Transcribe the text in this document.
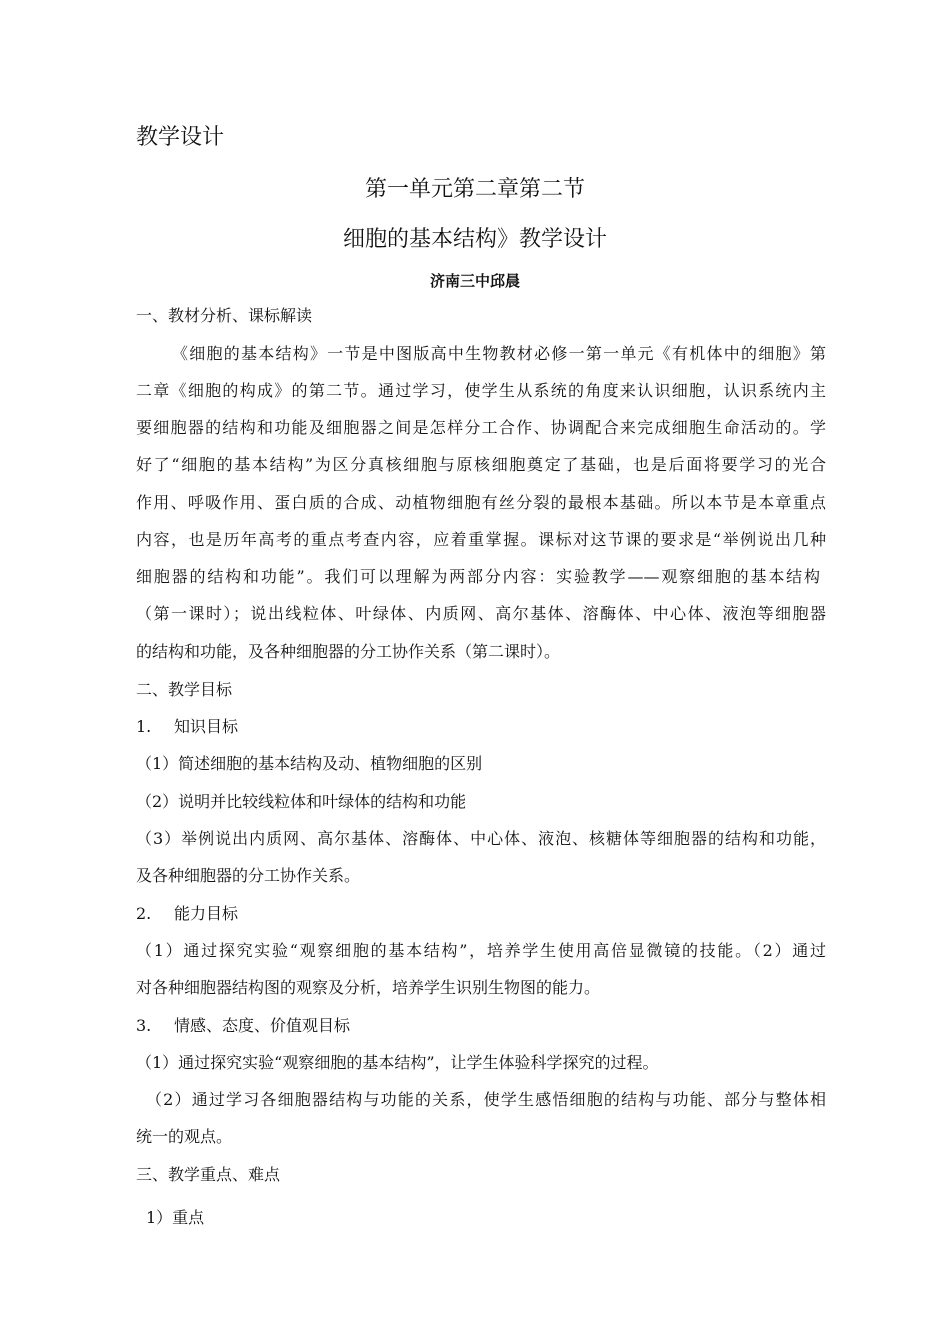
教学设计
第一单元第二章第二节
细胞的基本结构》教学设计
济南三中邱晨
一、教材分析、课标解读
《细胞的基本结构》一节是中图版高中生物教材必修一第一单元《有机体中的细胞》第
二章《细胞的构成》的第二节。通过学习，使学生从系统的角度来认识细胞，认识系统内主
要细胞器的结构和功能及细胞器之间是怎样分工合作、协调配合来完成细胞生命活动的。学
好了“细胞的基本结构”为区分真核细胞与原核细胞奠定了基础，也是后面将要学习的光合
作用、呼吸作用、蛋白质的合成、动植物细胞有丝分裂的最根本基础。所以本节是本章重点
内容，也是历年高考的重点考查内容，应着重掌握。课标对这节课的要求是“举例说出几种
细胞器的结构和功能”。我们可以理解为两部分内容：实验教学——观察细胞的基本结构
（第一课时）；说出线粒体、叶绿体、内质网、高尔基体、溶酶体、中心体、液泡等细胞器
的结构和功能，及各种细胞器的分工协作关系（第二课时）。
二、教学目标
1. 知识目标
（1）简述细胞的基本结构及动、植物细胞的区别
（2）说明并比较线粒体和叶绿体的结构和功能
（3）举例说出内质网、高尔基体、溶酶体、中心体、液泡、核糖体等细胞器的结构和功能，
及各种细胞器的分工协作关系。
2. 能力目标
（1）通过探究实验“观察细胞的基本结构”，培养学生使用高倍显微镜的技能。（2）通过
对各种细胞器结构图的观察及分析，培养学生识别生物图的能力。
3. 情感、态度、价值观目标
（1）通过探究实验“观察细胞的基本结构”，让学生体验科学探究的过程。
（2）通过学习各细胞器结构与功能的关系，使学生感悟细胞的结构与功能、部分与整体相
统一的观点。
三、教学重点、难点
1）重点
